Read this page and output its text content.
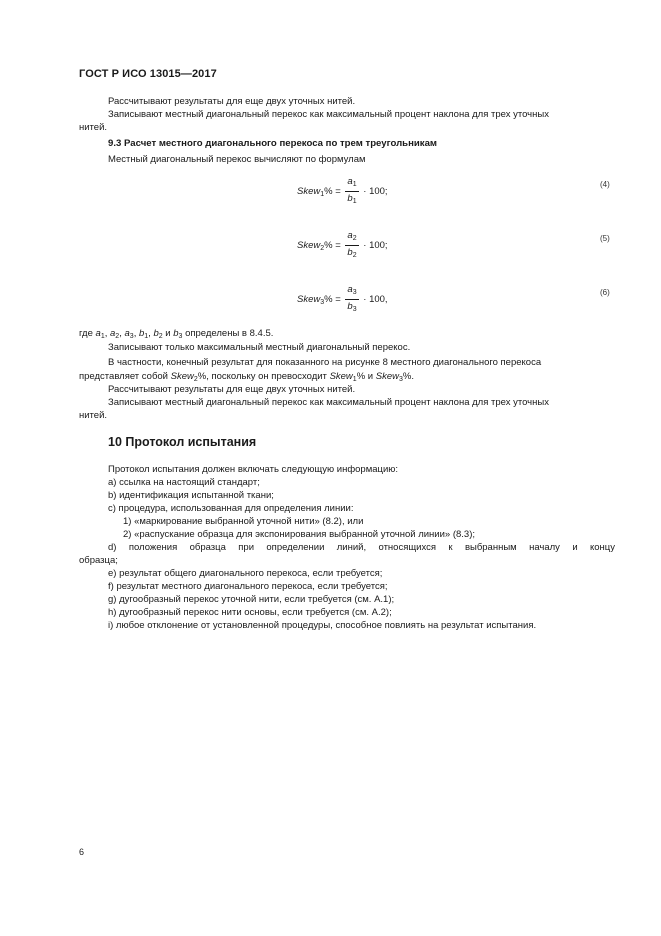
ГОСТ Р ИСО 13015—2017
Рассчитывают результаты для еще двух уточных нитей.
Записывают местный диагональный перекос как максимальный процент наклона для трех уточных
нитей.
9.3 Расчет местного диагонального перекоса по трем треугольникам
Местный диагональный перекос вычисляют по формулам
Skew$_1$% = $\frac{a_1}{b_1} \cdot 100$;
(4)
Skew$_2$% = $\frac{a_2}{b_2} \cdot 100$;
(5)
Skew$_3$% = $\frac{a_3}{b_3} \cdot 100$,
(6)
где $a_1$, $a_2$, $a_3$, $b_1$, $b_2$ и $b_3$ определены в 8.4.5.
Записывают только максимальный местный диагональный перекос.
В частности, конечный результат для показанного на рисунке 8 местного диагонального перекоса
представляет собой Skew$_2$%, поскольку он превосходит Skew$_1$% и Skew$_3$%.
Рассчитывают результаты для еще двух уточных нитей.
Записывают местный диагональный перекос как максимальный процент наклона для трех уточных
нитей.
10 Протокол испытания
Протокол испытания должен включать следующую информацию:
a) ссылка на настоящий стандарт;
b) идентификация испытанной ткани;
c) процедура, использованная для определения линии:
1) «маркирование выбранной уточной нити» (8.2), или
2) «распускание образца для экспонирования выбранной уточной линии» (8.3);
d) положения образца при определении линий, относящихся к выбранным началу и концу
образца;
e) результат общего диагонального перекоса, если требуется;
f) результат местного диагонального перекоса, если требуется;
g) дугообразный перекос уточной нити, если требуется (см. А.1);
h) дугообразный перекос нити основы, если требуется (см. А.2);
i) любое отклонение от установленной процедуры, способное повлиять на результат испытания.
6
